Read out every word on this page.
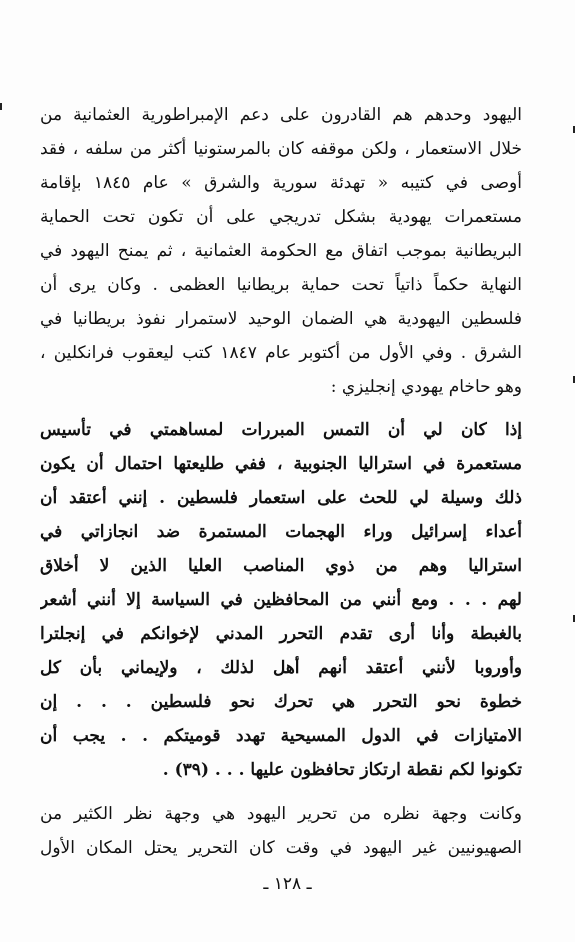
اليهود وحدهم هم القادرون على دعم الإمبراطورية العثمانية من
خلال الاستعمار ، ولكن موقفه كان بالمرستونيا أكثر من سلفه ، فقد
أوصى في كتيبه « تهدئة سورية والشرق » عام ١٨٤٥ بإقامة
مستعمرات يهودية بشكل تدريجي على أن تكون تحت الحماية
البريطانية بموجب اتفاق مع الحكومة العثمانية ، ثم يمنح اليهود في
النهاية حكماً ذاتياً تحت حماية بريطانيا العظمى . وكان يرى أن
فلسطين اليهودية هي الضمان الوحيد لاستمرار نفوذ بريطانيا في
الشرق . وفي الأول من أكتوبر عام ١٨٤٧ كتب ليعقوب فرانكلين ،
وهو حاخام يهودي إنجليزي :
إذا كان لي أن التمس المبررات لمساهمتي في تأسيس
مستعمرة في استراليا الجنوبية ، ففي طليعتها احتمال أن يكون
ذلك وسيلة لي للحث على استعمار فلسطين . إنني أعتقد أن
أعداء إسرائيل وراء الهجمات المستمرة ضد انجازاتي في
استراليا وهم من ذوي المناصب العليا الذين لا أخلاق
لهم . . . ومع أنني من المحافظين في السياسة إلا أنني أشعر
بالغبطة وأنا أرى تقدم التحرر المدني لإخوانكم في إنجلترا
وأوروبا لأنني أعتقد أنهم أهل لذلك ، ولإيماني بأن كل
خطوة نحو التحرر هي تحرك نحو فلسطين . . . إن
الامتيازات في الدول المسيحية تهدد قوميتكم . . يجب أن
تكونوا لكم نقطة ارتكاز تحافظون عليها . . . (٣٩) .
وكانت وجهة نظره من تحرير اليهود هي وجهة نظر الكثير من
الصهيونيين غير اليهود في وقت كان التحرير يحتل المكان الأول
ـ ١٢٨ ـ
